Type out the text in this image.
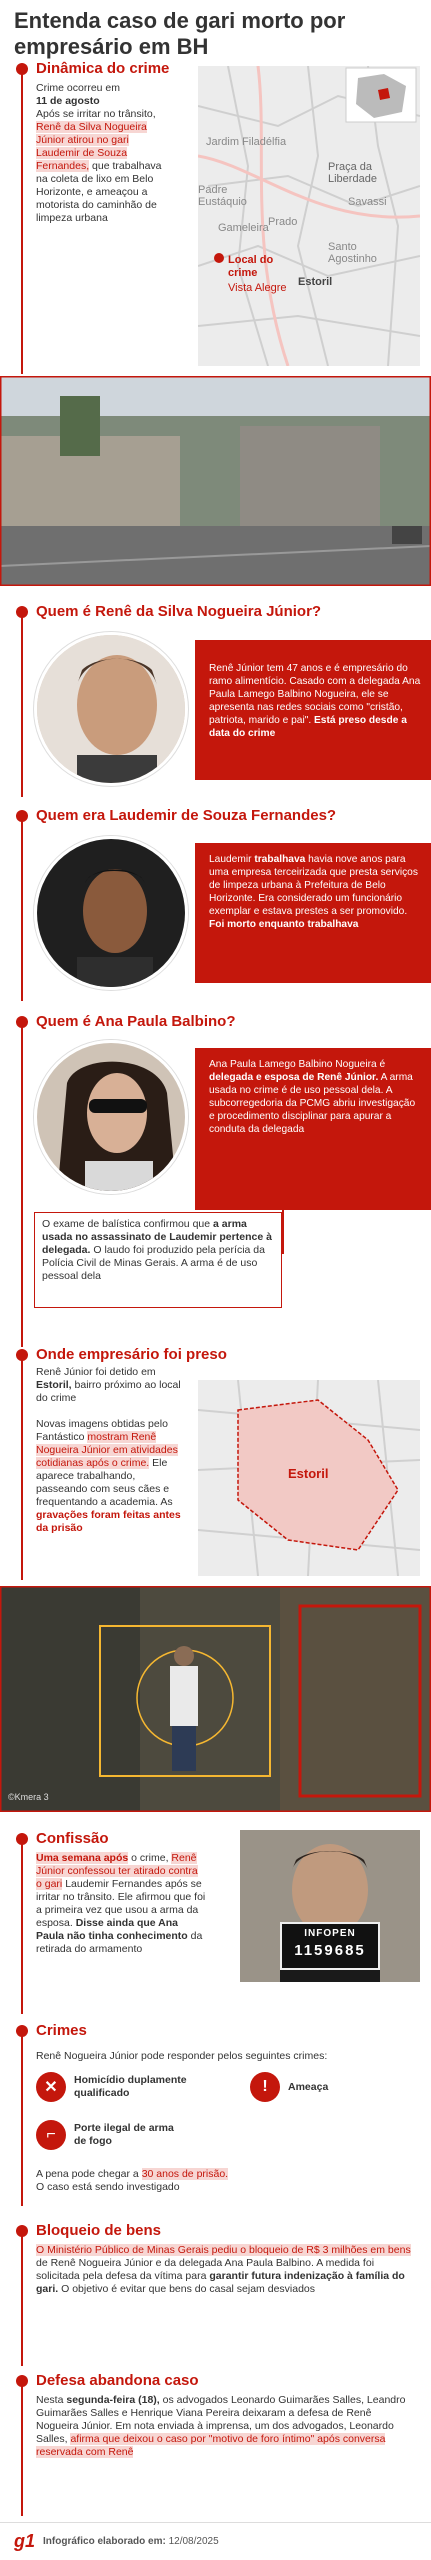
Entenda caso de gari morto por empresário em BH
Dinâmica do crime
Crime ocorreu em
11 de agosto
Após se irritar no trânsito, Renê da Silva Nogueira Júnior atirou no gari Laudemir de Souza Fernandes, que trabalhava na coleta de lixo em Belo Horizonte, e ameaçou a motorista do caminhão de limpeza urbana
Jardim Filadélfia
Padre Eustáquio
Gameleira Prado
Praça da Liberdade
Savassi
Santo Agostinho
Estoril
Local do crime
Vista Alegre
Quem é Renê da Silva Nogueira Júnior?
Renê Júnior tem 47 anos e é empresário do ramo alimentício. Casado com a delegada Ana Paula Lamego Balbino Nogueira, ele se apresenta nas redes sociais como "cristão, patriota, marido e pai". Está preso desde a data do crime
Quem era Laudemir de Souza Fernandes?
Laudemir trabalhava havia nove anos para uma empresa terceirizada que presta serviços de limpeza urbana à Prefeitura de Belo Horizonte. Era considerado um funcionário exemplar e estava prestes a ser promovido.
Foi morto enquanto trabalhava
Quem é Ana Paula Balbino?
Ana Paula Lamego Balbino Nogueira é delegada e esposa de Renê Júnior. A arma usada no crime é de uso pessoal dela. A subcorregedoria da PCMG abriu investigação e procedimento disciplinar para apurar a conduta da delegada
O exame de balística confirmou que a arma usada no assassinato de Laudemir pertence à delegada. O laudo foi produzido pela perícia da Polícia Civil de Minas Gerais. A arma é de uso pessoal dela
Onde empresário foi preso
Renê Júnior foi detido em Estoril, bairro próximo ao local do crime

Novas imagens obtidas pelo Fantástico mostram Renê Nogueira Júnior em atividades cotidianas após o crime. Ele aparece trabalhando, passeando com seus cães e frequentando a academia. As gravações foram feitas antes da prisão
Estoril
©Kmera 3
Confissão
Uma semana após o crime, Renê Júnior confessou ter atirado contra o gari Laudemir Fernandes após se irritar no trânsito. Ele afirmou que foi a primeira vez que usou a arma da esposa. Disse ainda que Ana Paula não tinha conhecimento da retirada do armamento
INFOPEN
1159685
Crimes
Renê Nogueira Júnior pode responder pelos seguintes crimes:
✕	Homicídio duplamente qualificado	!	Ameaça
⌐	Porte ilegal de arma de fogo
A pena pode chegar a 30 anos de prisão.
O caso está sendo investigado
Bloqueio de bens
O Ministério Público de Minas Gerais pediu o bloqueio de R$ 3 milhões em bens de Renê Nogueira Júnior e da delegada Ana Paula Balbino. A medida foi solicitada pela defesa da vítima para garantir futura indenização à família do gari. O objetivo é evitar que bens do casal sejam desviados
Defesa abandona caso
Nesta segunda-feira (18), os advogados Leonardo Guimarães Salles, Leandro Guimarães Salles e Henrique Viana Pereira deixaram a defesa de Renê Nogueira Júnior. Em nota enviada à imprensa, um dos advogados, Leonardo Salles, afirma que deixou o caso por "motivo de foro íntimo" após conversa reservada com Renê
g1 Infográfico elaborado em: 12/08/2025
